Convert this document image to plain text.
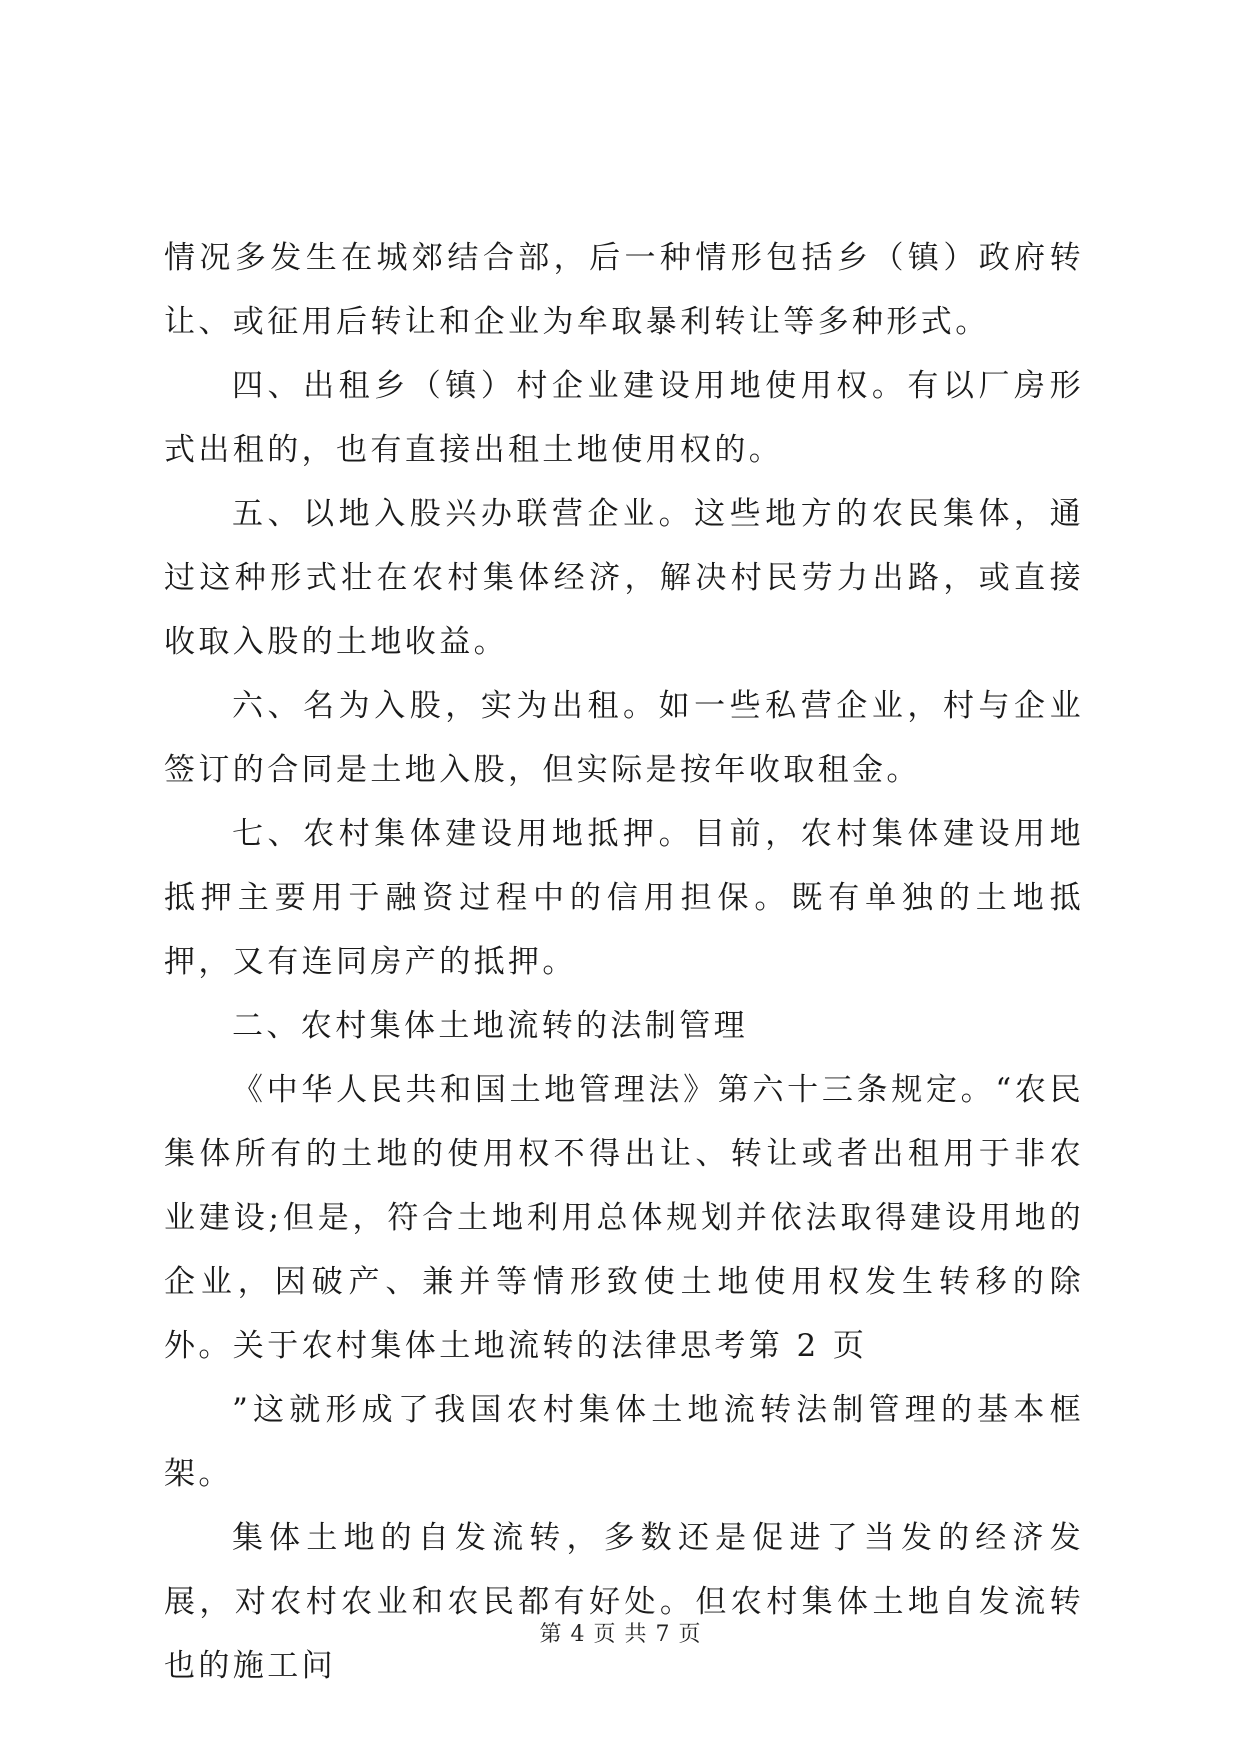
情况多发生在城郊结合部，后一种情形包括乡（镇）政府转让、或征用后转让和企业为牟取暴利转让等多种形式。

四、出租乡（镇）村企业建设用地使用权。有以厂房形式出租的，也有直接出租土地使用权的。

五、以地入股兴办联营企业。这些地方的农民集体，通过这种形式壮在农村集体经济，解决村民劳力出路，或直接收取入股的土地收益。

六、名为入股，实为出租。如一些私营企业，村与企业签订的合同是土地入股，但实际是按年收取租金。

七、农村集体建设用地抵押。目前，农村集体建设用地抵押主要用于融资过程中的信用担保。既有单独的土地抵押，又有连同房产的抵押。

二、农村集体土地流转的法制管理

《中华人民共和国土地管理法》第六十三条规定。“农民集体所有的土地的使用权不得出让、转让或者出租用于非农业建设;但是，符合土地利用总体规划并依法取得建设用地的企业，因破产、兼并等情形致使土地使用权发生转移的除外。关于农村集体土地流转的法律思考第 2 页

”这就形成了我国农村集体土地流转法制管理的基本框架。

集体土地的自发流转，多数还是促进了当发的经济发展，对农村农业和农民都有好处。但农村集体土地自发流转也的施工问

第 4 页 共 7 页
